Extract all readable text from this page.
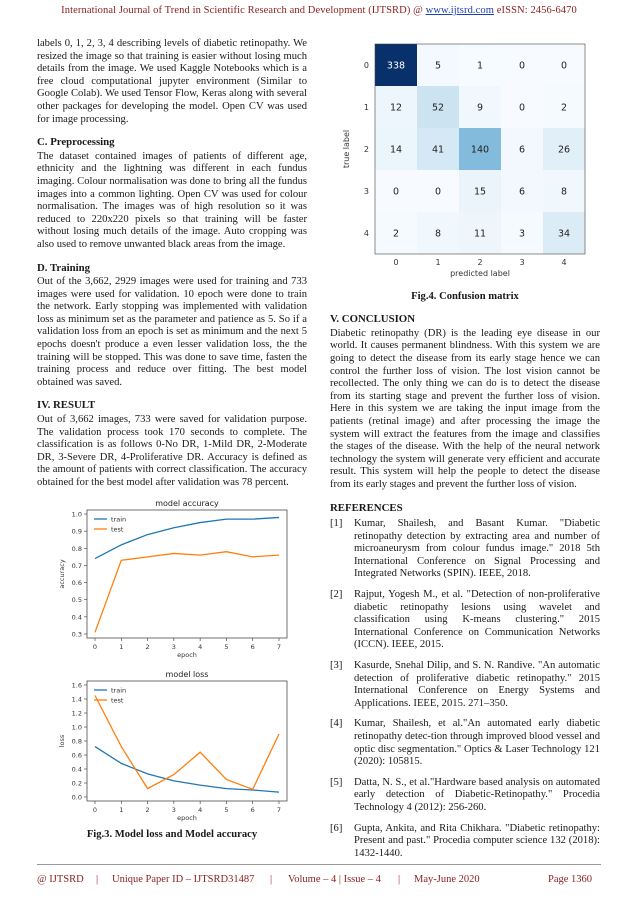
International Journal of Trend in Scientific Research and Development (IJTSRD) @ www.ijtsrd.com eISSN: 2456-6470

labels 0, 1, 2, 3, 4 describing levels of diabetic retinopathy. We resized the image so that training is easier without losing much details from the image. We used Kaggle Notebooks which is a free cloud computational jupyter environment (Similar to Google Colab). We used Tensor Flow, Keras along with several other packages for developing the model. Open CV was used for image processing.

C. Preprocessing

The dataset contained images of patients of different age, ethnicity and the lightning was different in each fundus imaging. Colour normalisation was done to bring all the fundus images into a common lighting. Open CV was used for colour normalisation. The images was of high resolution so it was reduced to 220x220 pixels so that training will be faster without losing much details of the image. Auto cropping was also used to remove unwanted black areas from the image.

D. Training

Out of the 3,662, 2929 images were used for training and 733 images were used for validation. 10 epoch were done to train the network. Early stopping was implemented with validation loss as minimum set as the parameter and patience as 5. So if a validation loss from an epoch is set as minimum and the next 5 epochs doesn't produce a even lesser validation loss, the the training will be stopped. This was done to save time, fasten the training process and reduce over fitting. The best model obtained was saved.

IV. RESULT

Out of 3,662 images, 733 were saved for validation purpose. The validation process took 170 seconds to complete. The classification is as follows 0-No DR, 1-Mild DR, 2-Moderate DR, 3-Severe DR, 4-Proliferative DR. Accuracy is defined as the amount of patients with correct classification. The accuracy obtained for the best model after validation was 78 percent.

model accuracy
0.3
0.4
0.5
0.6
0.7
0.8
0.9
1.0
0	1	2	3	4	5	6	7
epoch
accuracy
train
test

model loss
0.0
0.2
0.4
0.6
0.8
1.0
1.2
1.4
1.6
0	1	2	3	4	5	6	7
epoch
loss
train
test
Fig.3. Model loss and Model accuracy
338	5	1	0	0
12	52	9	0	2
14	41	140	6	26
0	0	15	6	8
2	8	11	3	34
0
0
1
1
2
2
3
3
4
4
predicted label
true label
Fig.4. Confusion matrix
V. CONCLUSION

Diabetic retinopathy (DR) is the leading eye disease in our world. It causes permanent blindness. With this system we are going to detect the disease from its early stage hence we can control the further loss of vision. The lost vision cannot be recollected. The only thing we can do is to detect the disease from its starting stage and prevent the further loss of vision. Here in this system we are taking the input image from the patients (retinal image) and after processing the image the system will extract the features from the image and classifies the stages of the disease. With the help of the neural network technology the system will generate very efficient and accurate result. This system will help the people to detect the disease from its early stages and prevent the further loss of vision.

REFERENCES
[1]	Kumar, Shailesh, and Basant Kumar. "Diabetic retinopathy detection by extracting area and number of microaneurysm from colour fundus image." 2018 5th International Conference on Signal Processing and Integrated Networks (SPIN). IEEE, 2018.
[2]	Rajput, Yogesh M., et al. "Detection of non-proliferative diabetic retinopathy lesions using wavelet and classification using K-means clustering." 2015 International Conference on Communication Networks (ICCN). IEEE, 2015.
[3]	Kasurde, Snehal Dilip, and S. N. Randive. "An automatic detection of proliferative diabetic retinopathy." 2015 International Conference on Energy Systems and Applications. IEEE, 2015. 271–350.
[4]	Kumar, Shailesh, et al."An automated early diabetic retinopathy detec-tion through improved blood vessel and optic disc segmentation." Optics & Laser Technology 121 (2020): 105815.
[5]	Datta, N. S., et al."Hardware based analysis on automated early detection of Diabetic-Retinopathy." Procedia Technology 4 (2012): 256-260.
[6]	Gupta, Ankita, and Rita Chikhara. "Diabetic retinopathy: Present and past." Procedia computer science 132 (2018): 1432-1440.
@ IJTSRD | Unique Paper ID – IJTSRD31487 | Volume – 4 | Issue – 4 | May-June 2020	Page 1360
